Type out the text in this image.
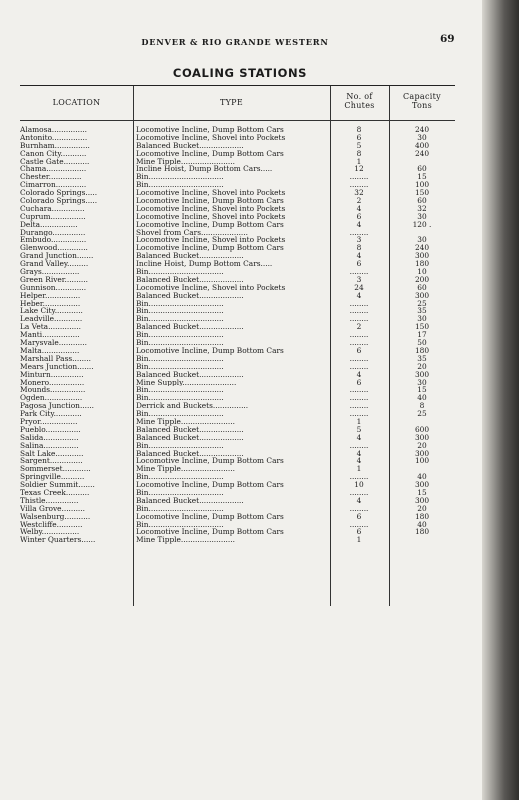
DENVER & RIO GRANDE WESTERN	69
COALING STATIONS
LOCATION	TYPE
No. of
Chutes
Capacity
Tons
Alamosa...............	Locomotive Incline, Dump Bottom Cars	8	240
Antonito...............	Locomotive Incline, Shovel into Pockets	6	30
Burnham...............	Balanced Bucket...................	5	400
Canon City...........	Locomotive Incline, Dump Bottom Cars	8	240
Castle Gate...........	Mine Tipple.......................	1
Chama.................	Incline Hoist, Dump Bottom Cars.....	12	60
Chester..............	Bin................................	........	15
Cimarron.............	Bin................................	........	100
Colorado Springs.....	Locomotive Incline, Shovel into Pockets	32	150
Colorado Springs.....	Locomotive Incline, Dump Bottom Cars	2	60
Cuchara..............	Locomotive Incline, Shovel into Pockets	4	32
Cuprum...............	Locomotive Incline, Shovel into Pockets	6	30
Delta................	Locomotive Incline, Dump Bottom Cars	4	120 .
Durango..............	Shovel from Cars....................	........
Embudo...............	Locomotive Incline, Shovel into Pockets	3	30
Glenwood.............	Locomotive Incline, Dump Bottom Cars	8	240
Grand Junction.......	Balanced Bucket...................	4	300
Grand Valley.........	Incline Hoist, Dump Bottom Cars.....	6	180
Grays................	Bin................................	........	10
Green River..........	Balanced Bucket...................	3	200
Gunnison.............	Locomotive Incline, Shovel into Pockets	24	60
Helper...............	Balanced Bucket...................	4	300
Heber................	Bin................................	........	25
Lake City............	Bin................................	........	35
Leadville............	Bin................................	........	30
La Veta..............	Balanced Bucket...................	2	150
Manti................	Bin................................	........	17
Marysvale............	Bin................................	........	50
Malta................	Locomotive Incline, Dump Bottom Cars	6	180
Marshall Pass........	Bin................................	........	35
Mears Junction.......	Bin................................	........	20
Minturn..............	Balanced Bucket...................	4	300
Monero...............	Mine Supply.......................	6	30
Mounds...............	Bin................................	........	15
Ogden................	Bin................................	........	40
Pagosa Junction......	Derrick and Buckets...............	........	8
Park City............	Bin................................	........	25
Pryor................	Mine Tipple.......................	1
Pueblo...............	Balanced Bucket...................	5	600
Salida...............	Balanced Bucket...................	4	300
Salina...............	Bin................................	........	20
Salt Lake............	Balanced Bucket...................	4	300
Sargent..............	Locomotive Incline, Dump Bottom Cars	4	100
Sommerset............	Mine Tipple.......................	1
Springville..........	Bin................................	........	40
Soldier Summit.......	Locomotive Incline, Dump Bottom Cars	10	300
Texas Creek..........	Bin................................	........	15
Thistle..............	Balanced Bucket...................	4	300
Villa Grove..........	Bin................................	........	20
Walsenburg...........	Locomotive Incline, Dump Bottom Cars	6	180
Westcliffe...........	Bin................................	........	40
Welby................	Locomotive Incline, Dump Bottom Cars	6	180
Winter Quarters......	Mine Tipple.......................	1
